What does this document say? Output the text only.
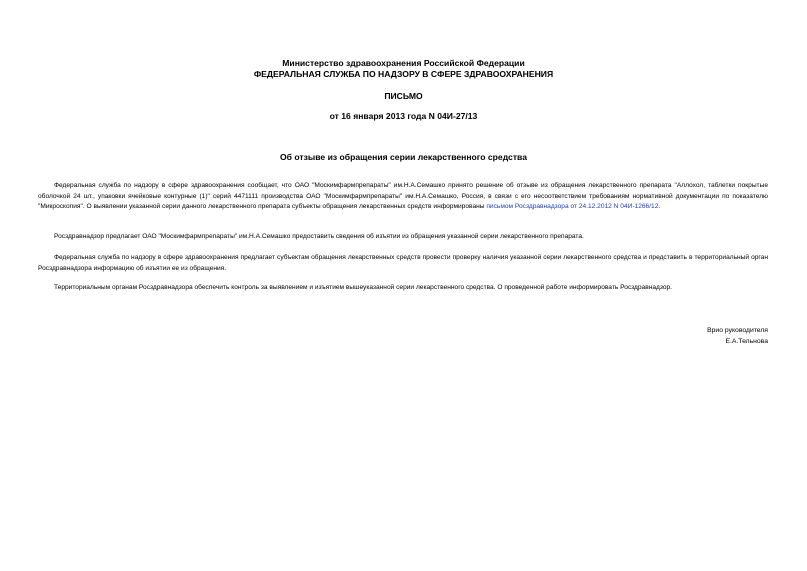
Министерство здравоохранения Российской Федерации
ФЕДЕРАЛЬНАЯ СЛУЖБА ПО НАДЗОРУ В СФЕРЕ ЗДРАВООХРАНЕНИЯ
ПИСЬМО
от 16 января 2013 года N 04И-27/13
Об отзыве из обращения серии лекарственного средства
Федеральная служба по надзору в сфере здравоохранения сообщает, что ОАО "Москимфармпрепараты" им.Н.А.Семашко принято решение об отзыве из обращения лекарственного препарата "Аллохол, таблетки покрытые оболочкой 24 шт., упаковки ячейковые контурные (1)" серий 4471111 производства ОАО "Москимфармпрепараты" им.Н.А.Семашко, Россия, в связи с его несоответствием требованиям нормативной документации по показателю "Микроскопия". О выявлении указанной серии данного лекарственного препарата субъекты обращения лекарственных средств информированы письмом Росздравнадзора от 24.12.2012 N 04И-1266/12.
Росздравнадзор предлагает ОАО "Москимфармпрепараты" им.Н.А.Семашко предоставить сведения об изъятии из обращения указанной серии лекарственного препарата.
Федеральная служба по надзору в сфере здравоохранения предлагает субъектам обращения лекарственных средств провести проверку наличия указанной серии лекарственного средства и представить в территориальный орган Росздравнадзора информацию об изъятии ее из обращения.
Территориальным органам Росздравнадзора обеспечить контроль за выявлением и изъятием вышеуказанной серии лекарственного средства. О проведенной работе информировать Росздравнадзор.
Врио руководителя
Е.А.Тельнова
